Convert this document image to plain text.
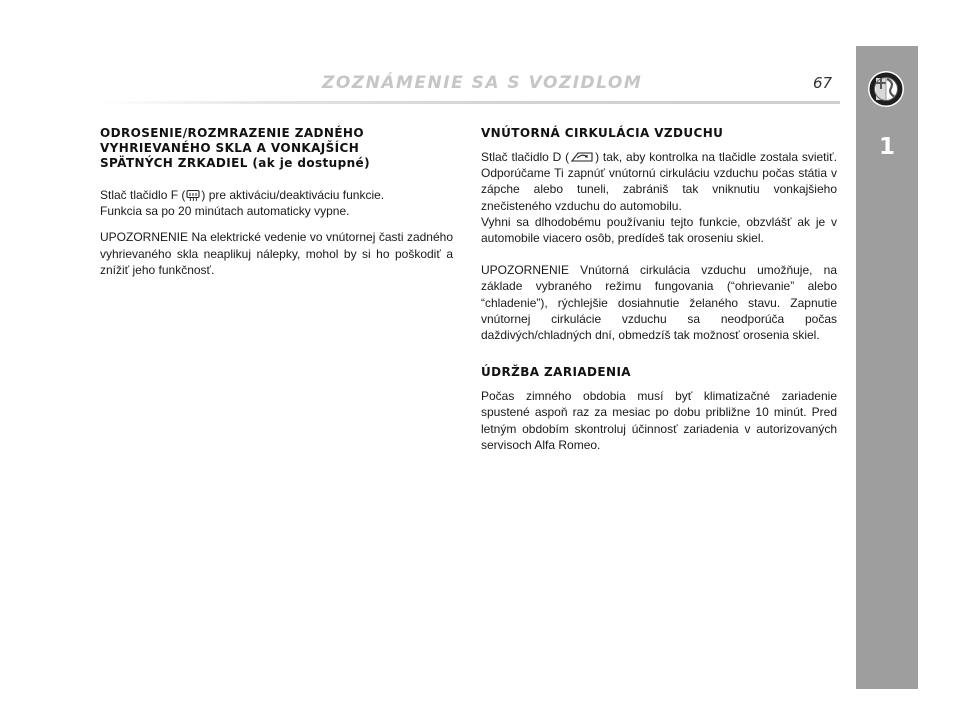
ZOZNÁMENIE SA S VOZIDLOM	67
1
ODROSENIE/ROZMRAZENIE ZADNÉHO
VYHRIEVANÉHO SKLA A VONKAJŠÍCH
SPÄTNÝCH ZRKADIEL (ak je dostupné)

Stlač tlačidlo F ( ) pre aktiváciu/deaktiváciu funkcie.
Funkcia sa po 20 minútach automaticky vypne.

UPOZORNENIE Na elektrické vedenie vo vnútornej časti zadného vyhrievaného skla neaplikuj nálepky, mohol by si ho poškodiť a znížiť jeho funkčnosť.

VNÚTORNÁ CIRKULÁCIA VZDUCHU

Stlač tlačidlo D ( ) tak, aby kontrolka na tlačidle zostala svietiť. Odporúčame Ti zapnúť vnútornú cirkuláciu vzduchu počas státia v zápche alebo tuneli, zabrániš tak vniknutiu vonkajšieho znečisteného vzduchu do automobilu.

Vyhni sa dlhodobému používaniu tejto funkcie, obzvlášť ak je v automobile viacero osôb, predídeš tak oroseniu skiel.

UPOZORNENIE Vnútorná cirkulácia vzduchu umožňuje, na základe vybraného režimu fungovania (“ohrievanie” alebo “chladenie”), rýchlejšie dosiahnutie želaného stavu. Zapnutie vnútornej cirkulácie vzduchu sa neodporúča počas daždivých/chladných dní, obmedzíš tak možnosť orosenia skiel.

ÚDRŽBA ZARIADENIA

Počas zimného obdobia musí byť klimatizačné zariadenie spustené aspoň raz za mesiac po dobu približne 10 minút. Pred letným obdobím skontroluj účinnosť zariadenia v autorizovaných servisoch Alfa Romeo.
